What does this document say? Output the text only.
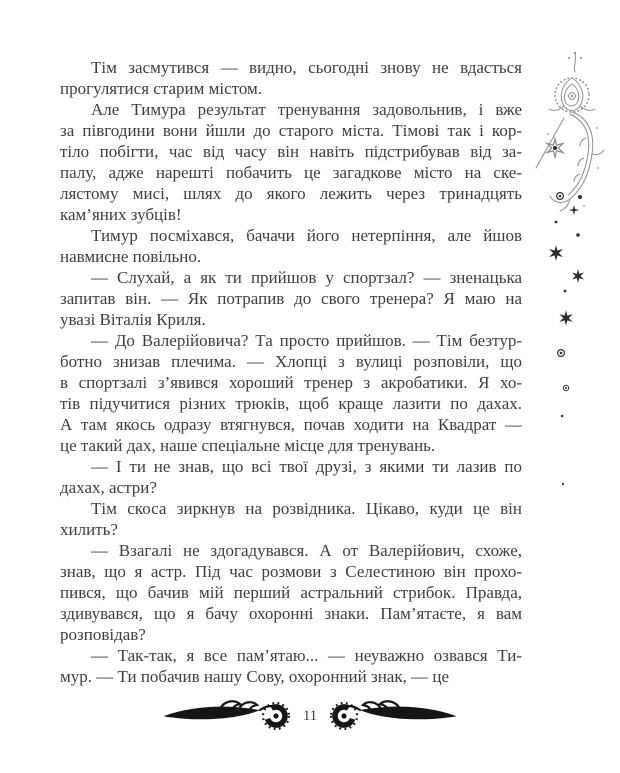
Тім засмутився — видно, сьогодні знову не вдасться
прогулятися старим містом.
Але Тимура результат тренування задовольнив, і вже
за півгодини вони йшли до старого міста. Тімові так і кор-
тіло побігти, час від часу він навіть підстрибував від за-
палу, адже нарешті побачить це загадкове місто на ске-
лястому мисі, шлях до якого лежить через тринадцять
кам’яних зубців!
Тимур посміхався, бачачи його нетерпіння, але йшов
навмисне повільно.
— Слухай, а як ти прийшов у спортзал? — зненацька
запитав він. — Як потрапив до свого тренера? Я маю на
увазі Віталія Криля.
— До Валерійовича? Та просто прийшов. — Тім безтур-
ботно знизав плечима. — Хлопці з вулиці розповіли, що
в спортзалі з’явився хороший тренер з акробатики. Я хо-
тів підучитися різних трюків, щоб краще лазити по дахах.
А там якось одразу втягнувся, почав ходити на Квадрат —
це такий дах, наше спеціальне місце для тренувань.
— І ти не знав, що всі твої друзі, з якими ти лазив по
дахах, астри?
Тім скоса зиркнув на розвідника. Цікаво, куди це він
хилить?
— Взагалі не здогадувався. А от Валерійович, схоже,
знав, що я астр. Під час розмови з Селестиною він прохо-
пився, що бачив мій перший астральний стрибок. Правда,
здивувався, що я бачу охоронні знаки. Пам’ятаєте, я вам
розповідав?
— Так-так, я все пам’ятаю... — неуважно озвався Ти-
мур. — Ти побачив нашу Сову, охоронний знак, — це
11
